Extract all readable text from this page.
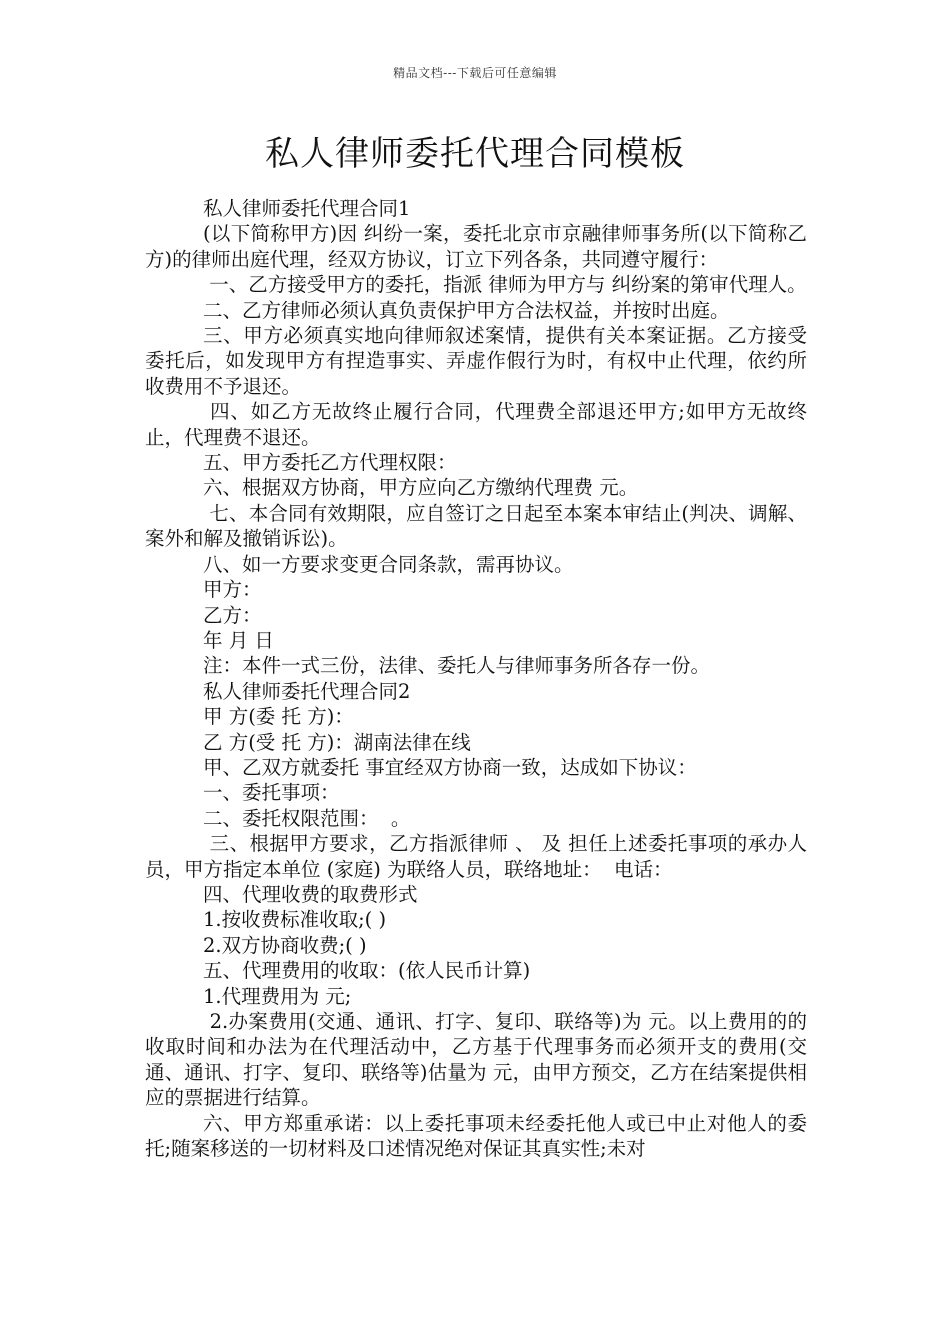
精品文档---下载后可任意编辑
私人律师委托代理合同模板

私人律师委托代理合同1

(以下简称甲方)因 纠纷一案，委托北京市京融律师事务所(以下简称乙方)的律师出庭代理，经双方协议，订立下列各条，共同遵守履行：

一、乙方接受甲方的委托，指派 律师为甲方与 纠纷案的第审代理人。

二、乙方律师必须认真负责保护甲方合法权益，并按时出庭。

三、甲方必须真实地向律师叙述案情，提供有关本案证据。乙方接受委托后，如发现甲方有捏造事实、弄虚作假行为时，有权中止代理，依约所收费用不予退还。

四、如乙方无故终止履行合同，代理费全部退还甲方;如甲方无故终止，代理费不退还。

五、甲方委托乙方代理权限：

六、根据双方协商，甲方应向乙方缴纳代理费 元。

七、本合同有效期限，应自签订之日起至本案本审结止(判决、调解、案外和解及撤销诉讼)。

八、如一方要求变更合同条款，需再协议。

甲方：

乙方：

年 月 日

注：本件一式三份，法律、委托人与律师事务所各存一份。

私人律师委托代理合同2

甲 方(委 托 方)：

乙 方(受 托 方)：湖南法律在线

甲、乙双方就委托 事宜经双方协商一致，达成如下协议：

一、委托事项：

二、委托权限范围：  。

三、根据甲方要求，乙方指派律师 、 及 担任上述委托事项的承办人员，甲方指定本单位 (家庭) 为联络人员，联络地址：  电话：

四、代理收费的取费形式

1.按收费标准收取;( )

2.双方协商收费;( )

五、代理费用的收取：(依人民币计算)

1.代理费用为 元;

2.办案费用(交通、通讯、打字、复印、联络等)为 元。以上费用的的收取时间和办法为在代理活动中，乙方基于代理事务而必须开支的费用(交通、通讯、打字、复印、联络等)估量为 元，由甲方预交，乙方在结案提供相应的票据进行结算。

六、甲方郑重承诺：以上委托事项未经委托他人或已中止对他人的委托;随案移送的一切材料及口述情况绝对保证其真实性;未对
